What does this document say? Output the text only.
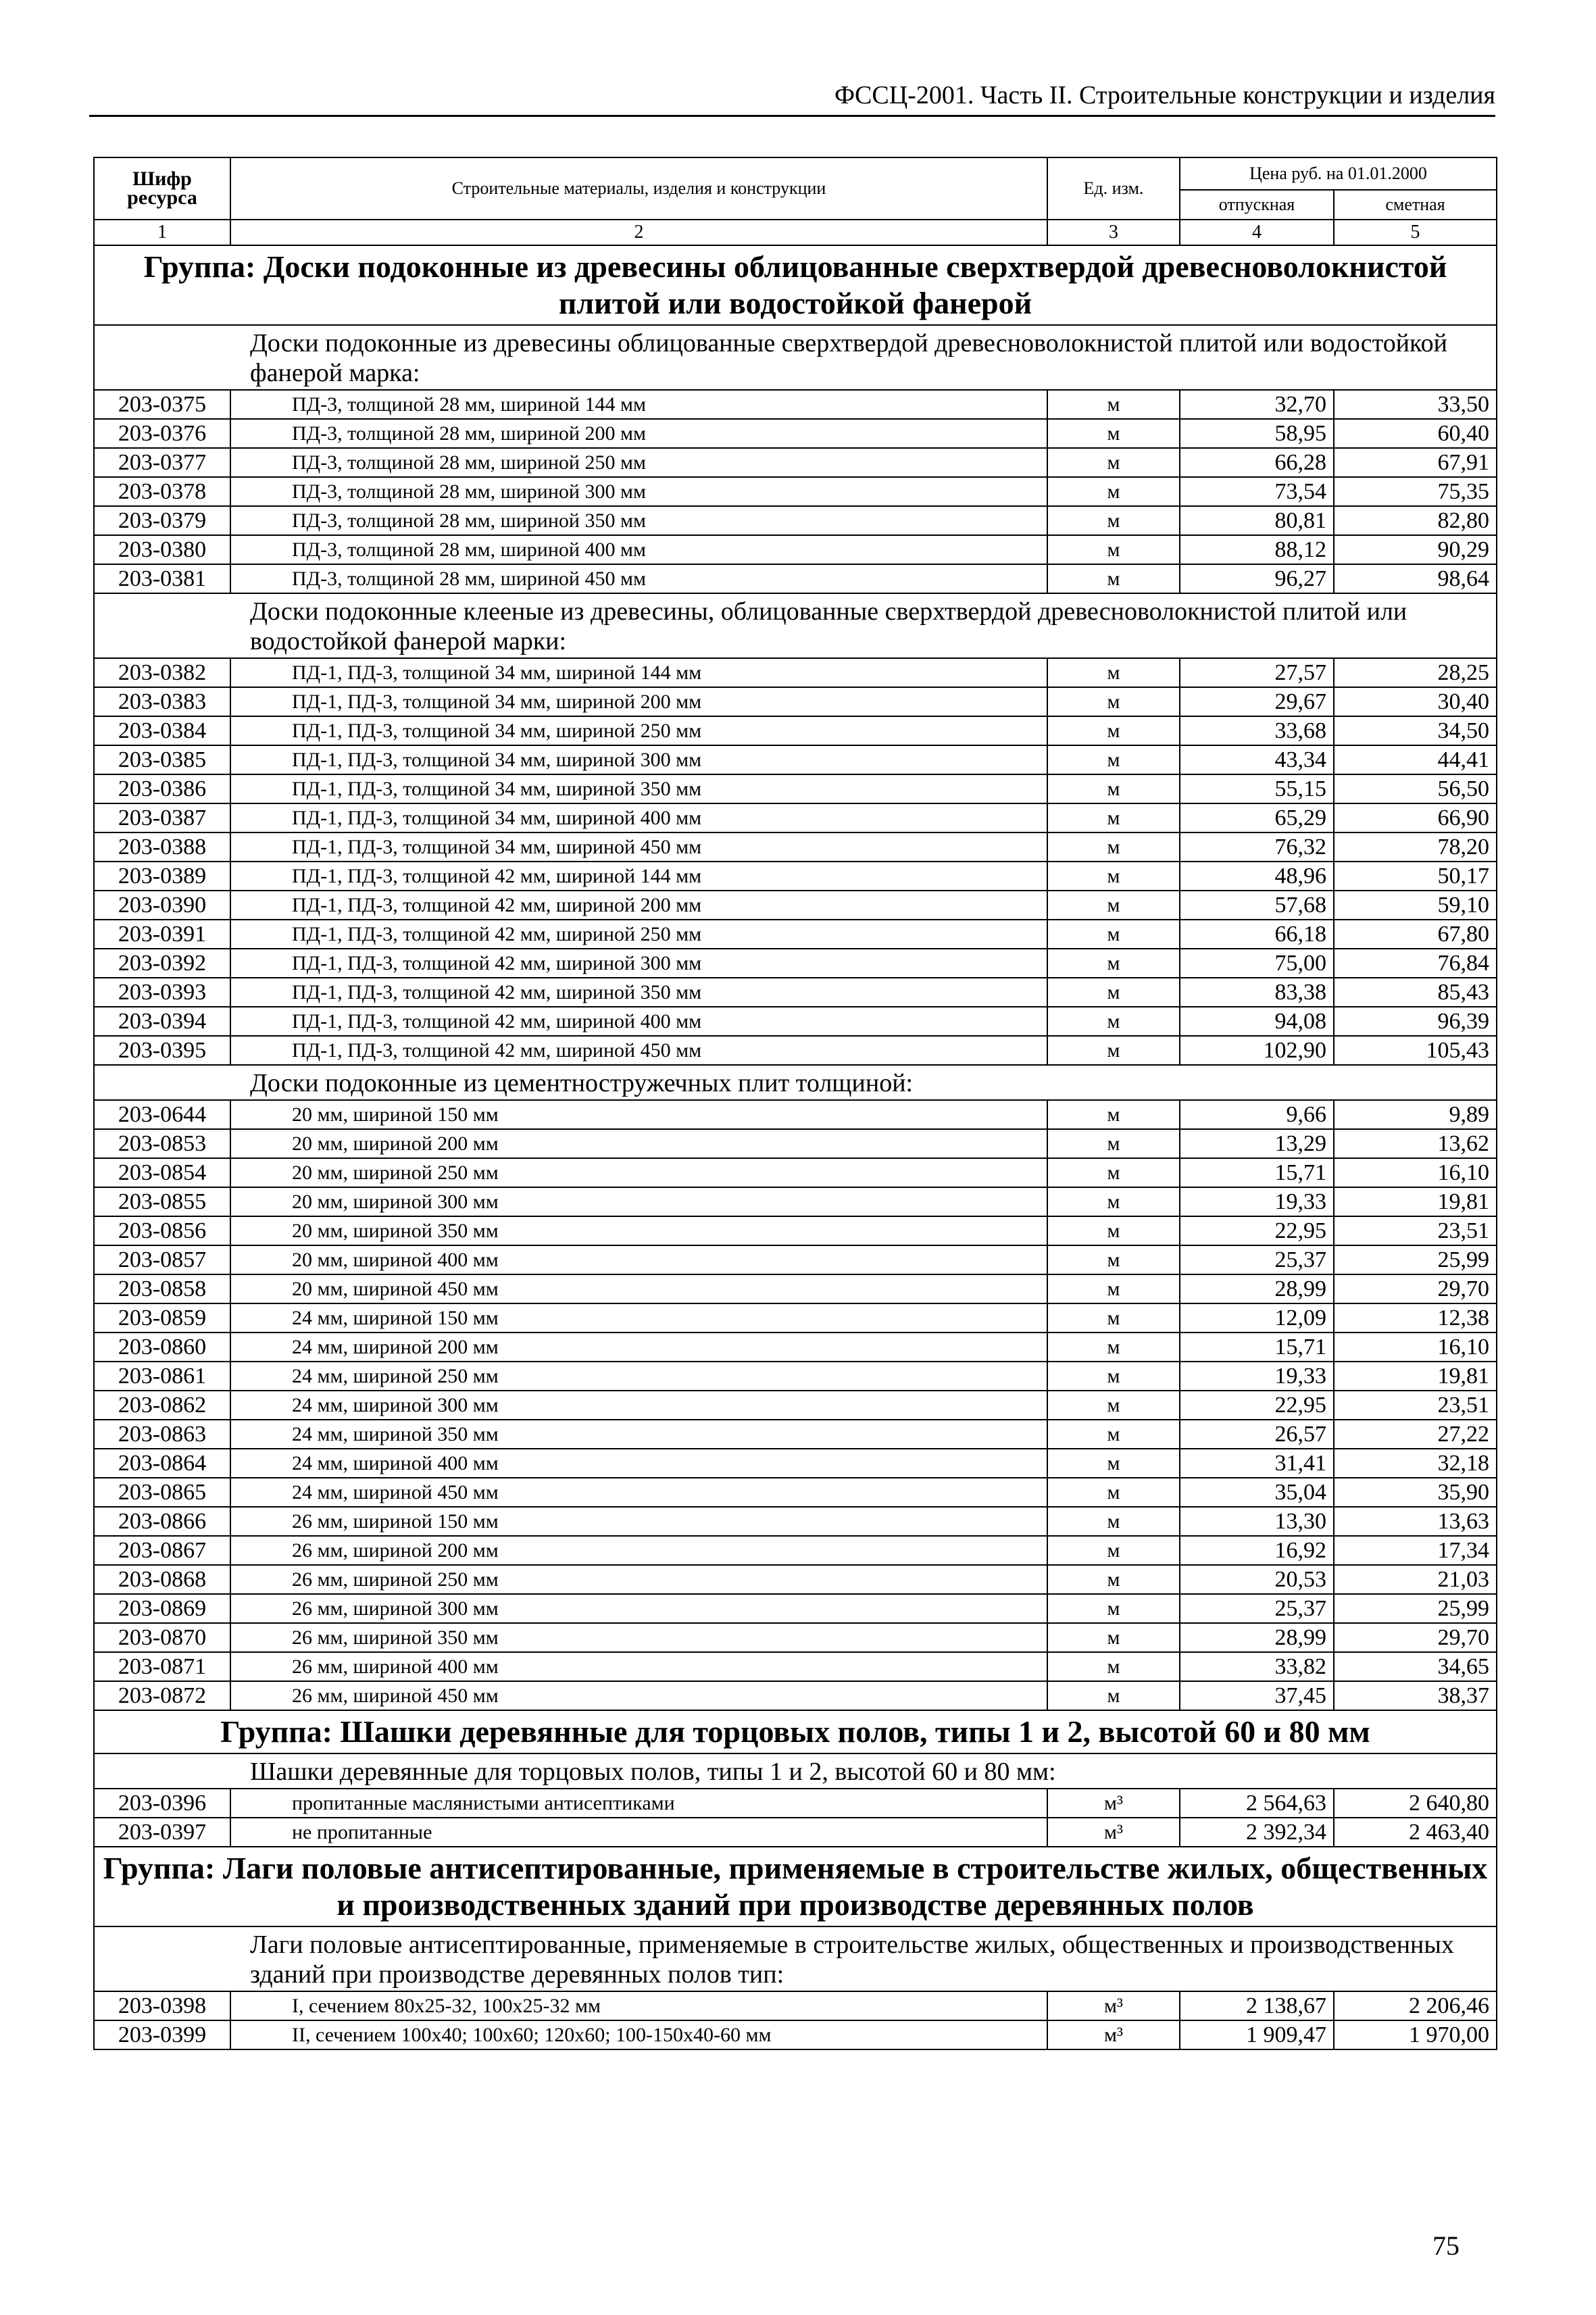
ФССЦ-2001. Часть II. Строительные конструкции и изделия
Шифр ресурса	Строительные материалы, изделия и конструкции	Ед. изм.	Цена руб. на 01.01.2000	
			отпускная	сметная
1	2	3	4	5
Группа: Доски подоконные из древесины облицованные сверхтвердой древесноволокнистой плитой или водостойкой фанерой				
Доски подоконные из древесины облицованные сверхтвердой древесноволокнистой плитой или водостойкой фанерой марка:				
203-0375	ПД-3, толщиной 28 мм, шириной 144 мм	м	32,70	33,50
203-0376	ПД-3, толщиной 28 мм, шириной 200 мм	м	58,95	60,40
203-0377	ПД-3, толщиной 28 мм, шириной 250 мм	м	66,28	67,91
203-0378	ПД-3, толщиной 28 мм, шириной 300 мм	м	73,54	75,35
203-0379	ПД-3, толщиной 28 мм, шириной 350 мм	м	80,81	82,80
203-0380	ПД-3, толщиной 28 мм, шириной 400 мм	м	88,12	90,29
203-0381	ПД-3, толщиной 28 мм, шириной 450 мм	м	96,27	98,64
Доски подоконные клееные из древесины, облицованные сверхтвердой древесноволокнистой плитой или водостойкой фанерой марки:				
203-0382	ПД-1, ПД-3, толщиной 34 мм, шириной 144 мм	м	27,57	28,25
203-0383	ПД-1, ПД-3, толщиной 34 мм, шириной 200 мм	м	29,67	30,40
203-0384	ПД-1, ПД-3, толщиной 34 мм, шириной 250 мм	м	33,68	34,50
203-0385	ПД-1, ПД-3, толщиной 34 мм, шириной 300 мм	м	43,34	44,41
203-0386	ПД-1, ПД-3, толщиной 34 мм, шириной 350 мм	м	55,15	56,50
203-0387	ПД-1, ПД-3, толщиной 34 мм, шириной 400 мм	м	65,29	66,90
203-0388	ПД-1, ПД-3, толщиной 34 мм, шириной 450 мм	м	76,32	78,20
203-0389	ПД-1, ПД-3, толщиной 42 мм, шириной 144 мм	м	48,96	50,17
203-0390	ПД-1, ПД-3, толщиной 42 мм, шириной 200 мм	м	57,68	59,10
203-0391	ПД-1, ПД-3, толщиной 42 мм, шириной 250 мм	м	66,18	67,80
203-0392	ПД-1, ПД-3, толщиной 42 мм, шириной 300 мм	м	75,00	76,84
203-0393	ПД-1, ПД-3, толщиной 42 мм, шириной 350 мм	м	83,38	85,43
203-0394	ПД-1, ПД-3, толщиной 42 мм, шириной 400 мм	м	94,08	96,39
203-0395	ПД-1, ПД-3, толщиной 42 мм, шириной 450 мм	м	102,90	105,43
Доски подоконные из цементностружечных плит толщиной:				
203-0644	20 мм, шириной 150 мм	м	9,66	9,89
203-0853	20 мм, шириной 200 мм	м	13,29	13,62
203-0854	20 мм, шириной 250 мм	м	15,71	16,10
203-0855	20 мм, шириной 300 мм	м	19,33	19,81
203-0856	20 мм, шириной 350 мм	м	22,95	23,51
203-0857	20 мм, шириной 400 мм	м	25,37	25,99
203-0858	20 мм, шириной 450 мм	м	28,99	29,70
203-0859	24 мм, шириной 150 мм	м	12,09	12,38
203-0860	24 мм, шириной 200 мм	м	15,71	16,10
203-0861	24 мм, шириной 250 мм	м	19,33	19,81
203-0862	24 мм, шириной 300 мм	м	22,95	23,51
203-0863	24 мм, шириной 350 мм	м	26,57	27,22
203-0864	24 мм, шириной 400 мм	м	31,41	32,18
203-0865	24 мм, шириной 450 мм	м	35,04	35,90
203-0866	26 мм, шириной 150 мм	м	13,30	13,63
203-0867	26 мм, шириной 200 мм	м	16,92	17,34
203-0868	26 мм, шириной 250 мм	м	20,53	21,03
203-0869	26 мм, шириной 300 мм	м	25,37	25,99
203-0870	26 мм, шириной 350 мм	м	28,99	29,70
203-0871	26 мм, шириной 400 мм	м	33,82	34,65
203-0872	26 мм, шириной 450 мм	м	37,45	38,37
Группа: Шашки деревянные для торцовых полов, типы 1 и 2, высотой 60 и 80 мм				
Шашки деревянные для торцовых полов, типы 1 и 2, высотой 60 и 80 мм:				
203-0396	пропитанные маслянистыми антисептиками	м³	2 564,63	2 640,80
203-0397	не пропитанные	м³	2 392,34	2 463,40
Группа: Лаги половые антисептированные, применяемые в строительстве жилых, общественных и производственных зданий при производстве деревянных полов				
Лаги половые антисептированные, применяемые в строительстве жилых, общественных и производственных зданий при производстве деревянных полов тип:				
203-0398	I, сечением 80х25-32, 100х25-32 мм	м³	2 138,67	2 206,46
203-0399	II, сечением 100х40; 100х60; 120х60; 100-150х40-60 мм	м³	1 909,47	1 970,00
75
